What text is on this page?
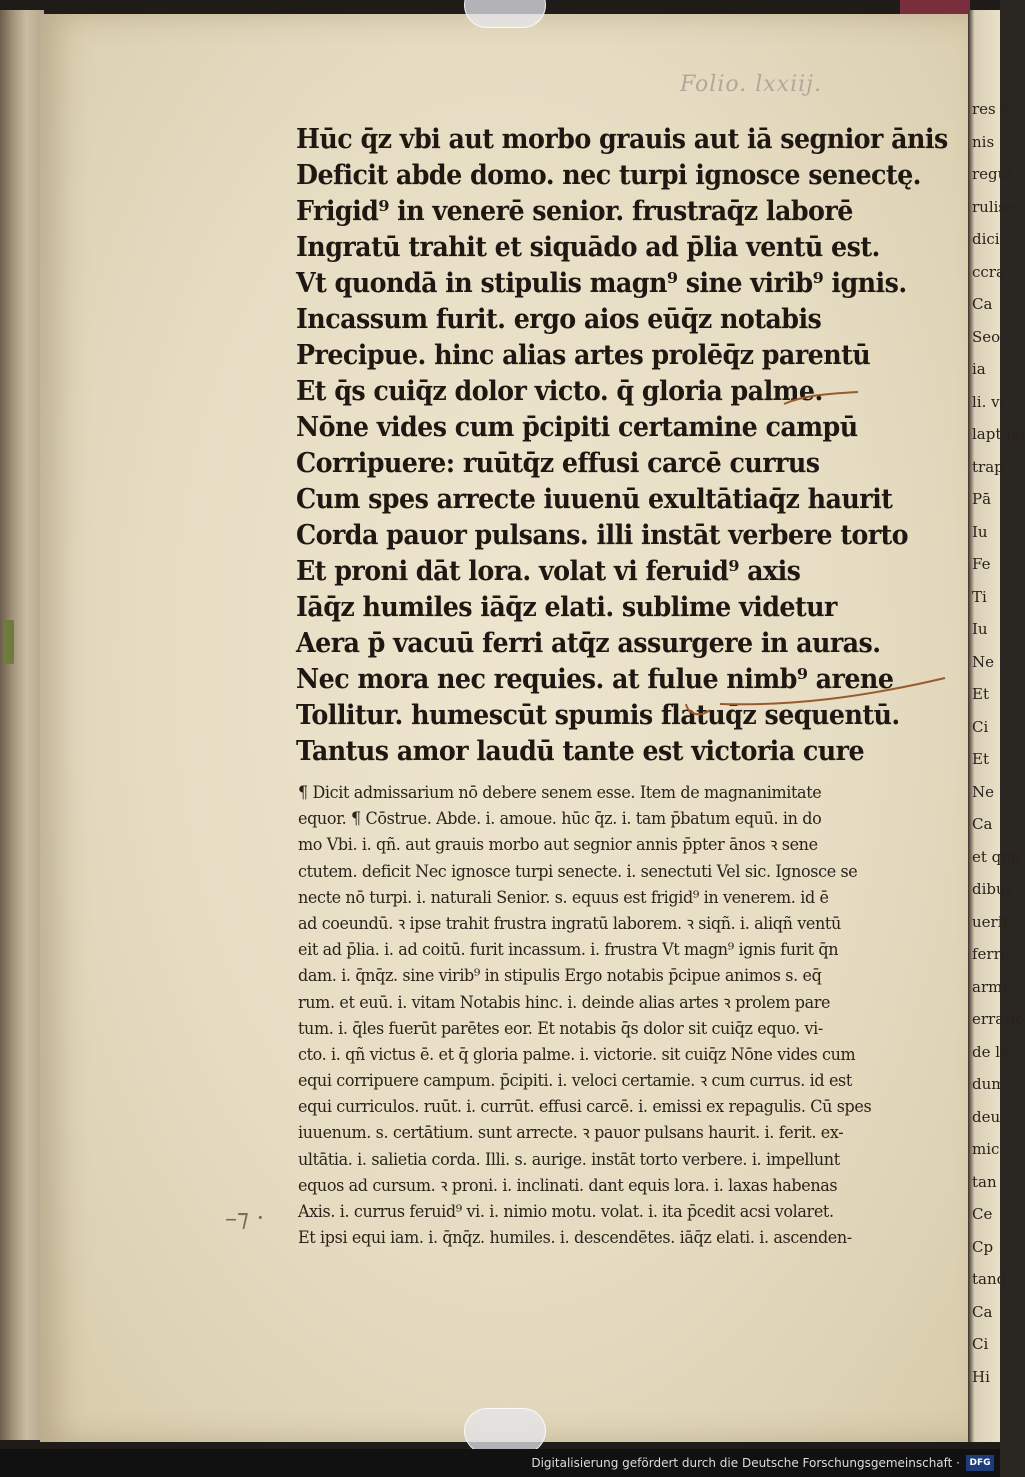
Folio. lxxiij.
Hūc q̄z vbi aut morbo grauis aut iā segnior ānis
Deficit abde domo. nec turpi ignosce senectę.
Frigid⁹ in venerē senior. frustraq̄z laborē
Ingratū trahit et siquādo ad p̄lia ventū est.
Vt quondā in stipulis magn⁹ sine virib⁹ ignis.
Incassum furit. ergo aios eūq̄z notabis
Precipue. hinc alias artes prolēq̄z parentū
Et q̄s cuiq̄z dolor victo. q̄ gloria palme.
Nōne vides cum p̄cipiti certamine campū
Corripuere: ruūtq̄z effusi carcē currus
Cum spes arrecte iuuenū exultātiaq̄z haurit
Corda pauor pulsans. illi instāt verbere torto
Et proni dāt lora. volat vi feruid⁹ axis
Iāq̄z humiles iāq̄z elati. sublime videtur
Aera p̄ vacuū ferri atq̄z assurgere in auras.
Nec mora nec requies. at fulue nimb⁹ arene
Tollitur. humescūt spumis flatuq̄z sequentū.
Tantus amor laudū tante est victoria cure
¶ Dicit admissarium nō debere senem esse. Item de magnanimitate
equor. ¶ Cōstrue. Abde. i. amoue. hūc q̄z. i. tam p̄batum equū. in do
mo Vbi. i. qñ. aut grauis morbo aut segnior annis p̄pter ānos ꝛ sene
ctutem. deficit Nec ignosce turpi senecte. i. senectuti Vel sic. Ignosce se
necte nō turpi. i. naturali Senior. s. equus est frigid⁹ in venerem. id ē
ad coeundū. ꝛ ipse trahit frustra ingratū laborem. ꝛ siqñ. i. aliqñ ventū
eit ad p̄lia. i. ad coitū. furit incassum. i. frustra Vt magn⁹ ignis furit q̄n
dam. i. q̄nq̄z. sine virib⁹ in stipulis Ergo notabis p̄cipue animos s. eq̄
rum. et euū. i. vitam Notabis hinc. i. deinde alias artes ꝛ prolem pare
tum. i. q̄les fuerūt parētes eor. Et notabis q̄s dolor sit cuiq̄z equo. vi-
cto. i. qñ victus ē. et q̄ gloria palme. i. victorie. sit cuiq̄z Nōne vides cum
equi corripuere campum. p̄cipiti. i. veloci certamie. ꝛ cum currus. id est
equi curriculos. ruūt. i. currūt. effusi carcē. i. emissi ex repagulis. Cū spes
iuuenum. s. certātium. sunt arrecte. ꝛ pauor pulsans haurit. i. ferit. ex-
ultātia. i. salietia corda. Illi. s. aurige. instāt torto verbere. i. impellunt
equos ad cursum. ꝛ proni. i. inclinati. dant equis lora. i. laxas habenas
Axis. i. currus feruid⁹ vi. i. nimio motu. volat. i. ita p̄cedit acsi volaret.
Et ipsi equi iam. i. q̄nq̄z. humiles. i. descendētes. iāq̄z elati. i. ascenden-
–⁊ ·
res v
nis
regul
rulise
dici
ccra
Ca
Seo
ia
li. vi
lapt po
trap
Pā
Iu
Fe
Ti
Iu
Ne
Et
Ci
Et
Ne
Ca
et qua
dibus
uerit
ferro
armi
erratic
de le
dum
deu
mic
tan
Ce
Cp
tand
Ca
Ci
Hi
Digitalisierung gefördert durch die Deutsche Forschungsgemeinschaft ·	DFG
